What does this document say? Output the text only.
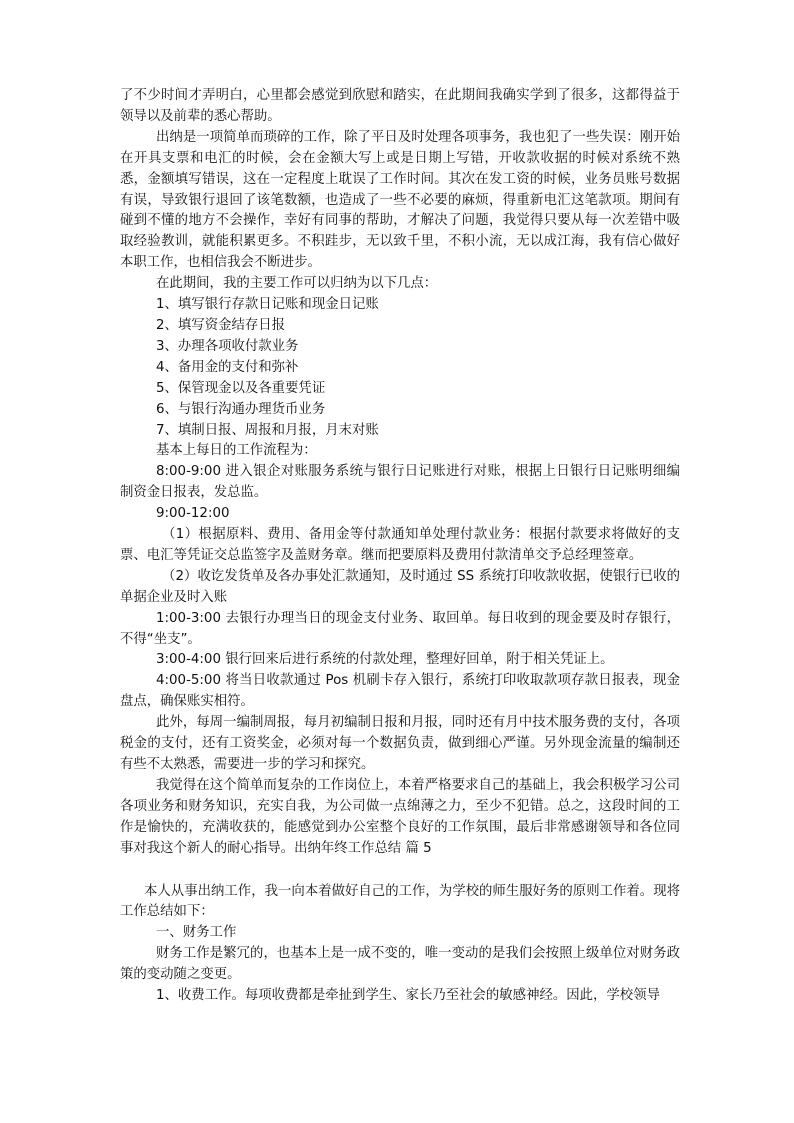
了不少时间才弄明白，心里都会感觉到欣慰和踏实，在此期间我确实学到了很多，这都得益于领导以及前辈的悉心帮助。

出纳是一项简单而琐碎的工作，除了平日及时处理各项事务，我也犯了一些失误：刚开始在开具支票和电汇的时候，会在金额大写上或是日期上写错，开收款收据的时候对系统不熟悉，金额填写错误，这在一定程度上耽误了工作时间。其次在发工资的时候，业务员账号数据有误，导致银行退回了该笔数额，也造成了一些不必要的麻烦，得重新电汇这笔款项。期间有碰到不懂的地方不会操作，幸好有同事的帮助，才解决了问题，我觉得只要从每一次差错中吸取经验教训，就能积累更多。不积跬步，无以致千里，不积小流，无以成江海，我有信心做好本职工作，也相信我会不断进步。

在此期间，我的主要工作可以归纳为以下几点：

1、填写银行存款日记账和现金日记账

2、填写资金结存日报

3、办理各项收付款业务

4、备用金的支付和弥补

5、保管现金以及各重要凭证

6、与银行沟通办理货币业务

7、填制日报、周报和月报，月末对账

基本上每日的工作流程为：

8:00-9:00 进入银企对账服务系统与银行日记账进行对账，根据上日银行日记账明细编制资金日报表，发总监。

9:00-12:00

（1）根据原料、费用、备用金等付款通知单处理付款业务：根据付款要求将做好的支票、电汇等凭证交总监签字及盖财务章。继而把要原料及费用付款清单交予总经理签章。

（2）收讫发货单及各办事处汇款通知，及时通过 SS 系统打印收款收据，使银行已收的单据企业及时入账

1:00-3:00 去银行办理当日的现金支付业务、取回单。每日收到的现金要及时存银行，不得“坐支”。

3:00-4:00 银行回来后进行系统的付款处理，整理好回单，附于相关凭证上。

4:00-5:00 将当日收款通过 Pos 机刷卡存入银行，系统打印收取款项存款日报表，现金盘点，确保账实相符。

此外，每周一编制周报，每月初编制日报和月报，同时还有月中技术服务费的支付，各项税金的支付，还有工资奖金，必须对每一个数据负责，做到细心严谨。另外现金流量的编制还有些不太熟悉，需要进一步的学习和探究。

我觉得在这个简单而复杂的工作岗位上，本着严格要求自己的基础上，我会积极学习公司各项业务和财务知识，充实自我，为公司做一点绵薄之力，至少不犯错。总之，这段时间的工作是愉快的，充满收获的，能感觉到办公室整个良好的工作氛围，最后非常感谢领导和各位同事对我这个新人的耐心指导。出纳年终工作总结 篇 5

本人从事出纳工作，我一向本着做好自己的工作，为学校的师生服好务的原则工作着。现将工作总结如下：

一、财务工作

财务工作是繁冗的，也基本上是一成不变的，唯一变动的是我们会按照上级单位对财务政策的变动随之变更。

1、收费工作。每项收费都是牵扯到学生、家长乃至社会的敏感神经。因此，学校领导
